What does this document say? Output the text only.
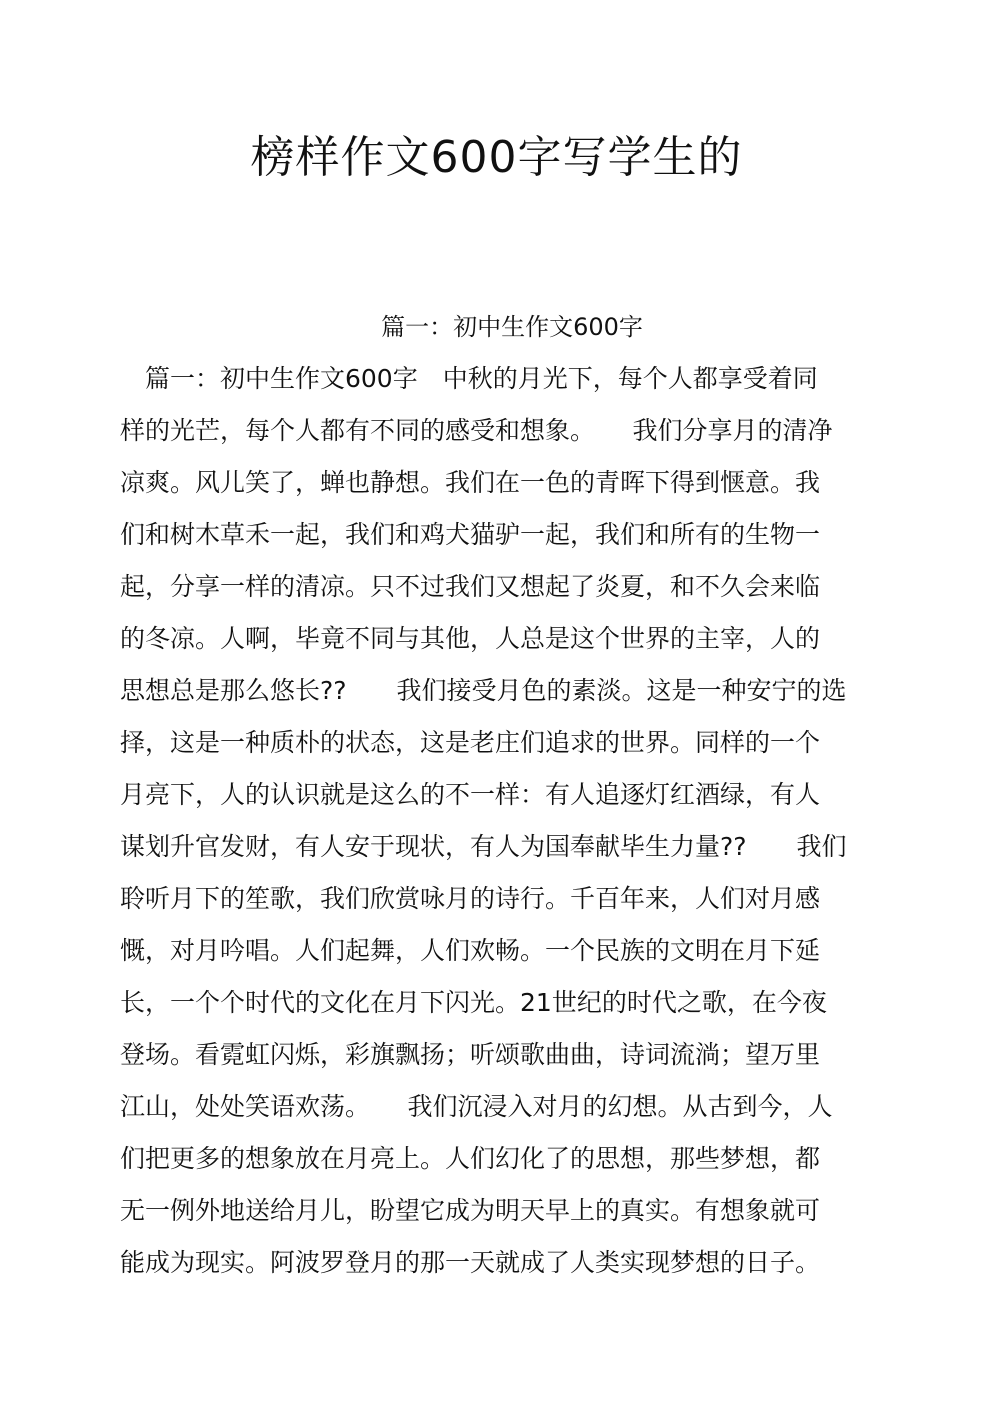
榜样作文600字写学生的
篇一：初中生作文600字
　篇一：初中生作文600字　中秋的月光下，每个人都享受着同
样的光芒，每个人都有不同的感受和想象。　　我们分享月的清净
凉爽。风儿笑了，蝉也静想。我们在一色的青晖下得到惬意。我
们和树木草禾一起，我们和鸡犬猫驴一起，我们和所有的生物一
起，分享一样的清凉。只不过我们又想起了炎夏，和不久会来临
的冬凉。人啊，毕竟不同与其他，人总是这个世界的主宰，人的
思想总是那么悠长??　　我们接受月色的素淡。这是一种安宁的选
择，这是一种质朴的状态，这是老庄们追求的世界。同样的一个
月亮下，人的认识就是这么的不一样：有人追逐灯红酒绿，有人
谋划升官发财，有人安于现状，有人为国奉献毕生力量??　　我们
聆听月下的笙歌，我们欣赏咏月的诗行。千百年来，人们对月感
慨，对月吟唱。人们起舞，人们欢畅。一个民族的文明在月下延
长，一个个时代的文化在月下闪光。21世纪的时代之歌，在今夜
登场。看霓虹闪烁，彩旗飘扬；听颂歌曲曲，诗词流淌；望万里
江山，处处笑语欢荡。　　我们沉浸入对月的幻想。从古到今，人
们把更多的想象放在月亮上。人们幻化了的思想，那些梦想，都
无一例外地送给月儿，盼望它成为明天早上的真实。有想象就可
能成为现实。阿波罗登月的那一天就成了人类实现梦想的日子。
